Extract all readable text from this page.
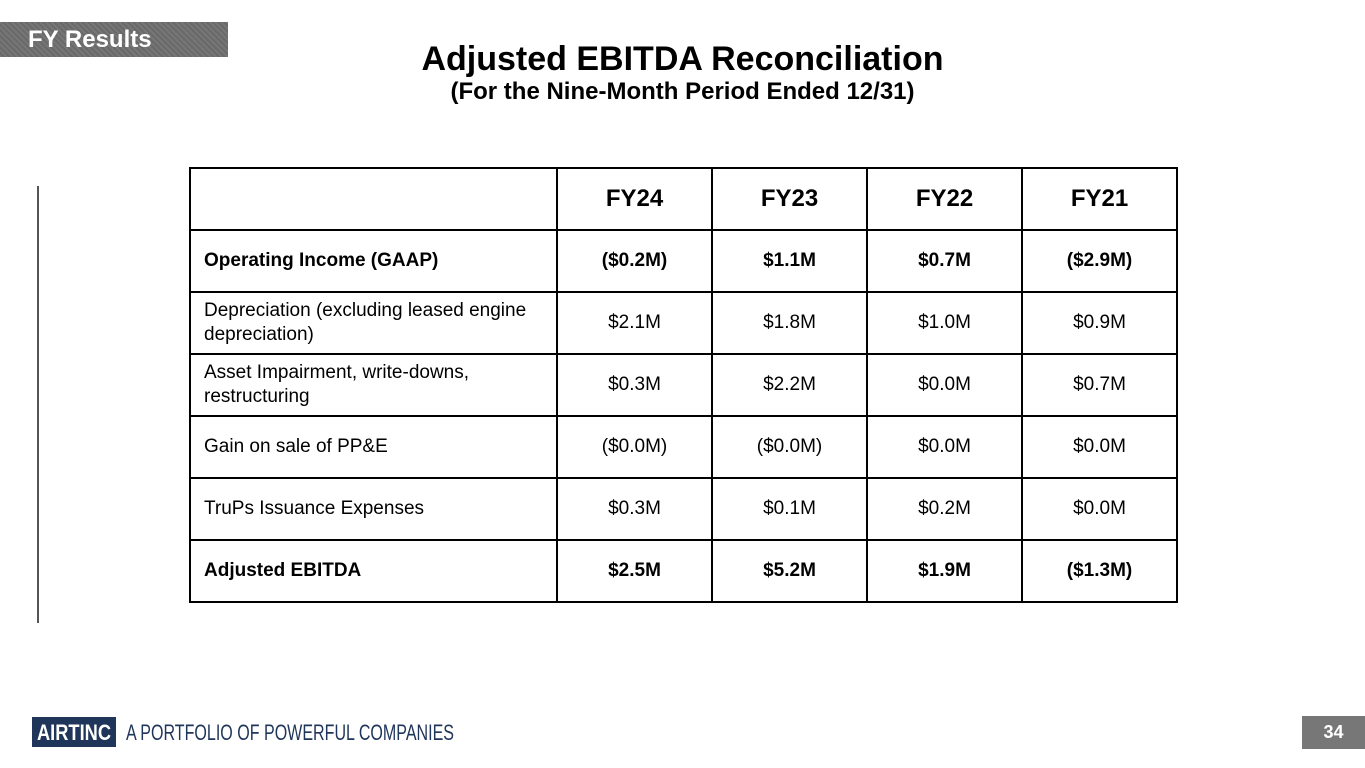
FY Results
Adjusted EBITDA Reconciliation
(For the Nine-Month Period Ended 12/31)
	FY24	FY23	FY22	FY21
Operating Income (GAAP)	($0.2M)	$1.1M	$0.7M	($2.9M)
Depreciation (excluding leased engine depreciation)	$2.1M	$1.8M	$1.0M	$0.9M
Asset Impairment, write-downs, restructuring	$0.3M	$2.2M	$0.0M	$0.7M
Gain on sale of PP&E	($0.0M)	($0.0M)	$0.0M	$0.0M
TruPs Issuance Expenses	$0.3M	$0.1M	$0.2M	$0.0M
Adjusted EBITDA	$2.5M	$5.2M	$1.9M	($1.3M)
AIRTINC A PORTFOLIO OF POWERFUL COMPANIES	34
